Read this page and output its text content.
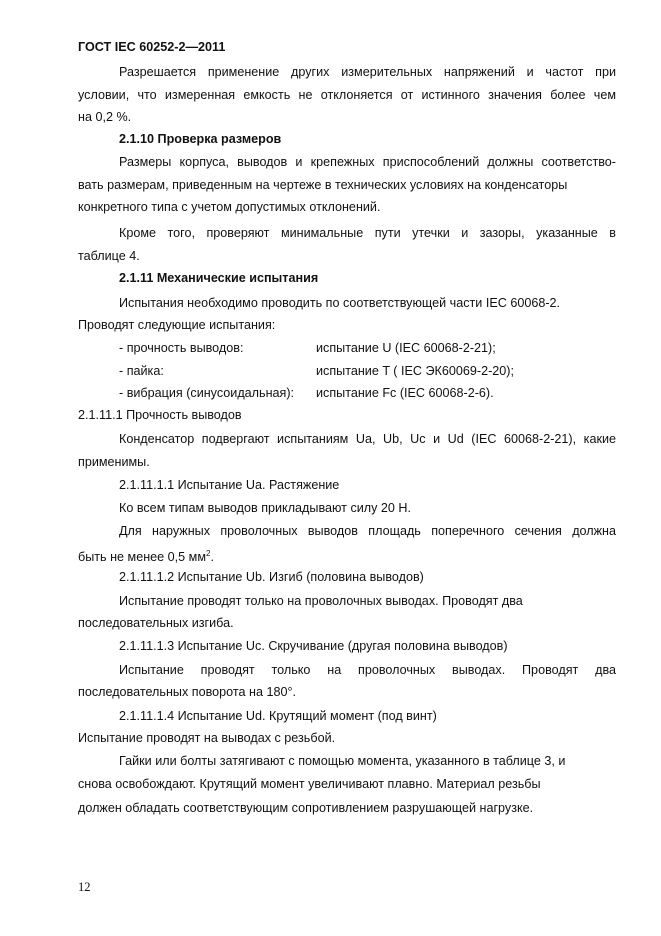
ГОСТ IEC 60252-2—2011
Разрешается применение других измерительных напряжений и частот при
условии, что измеренная емкость не отклоняется от истинного значения более чем
на 0,2 %.
2.1.10 Проверка размеров
Размеры корпуса, выводов и крепежных приспособлений должны соответство-
вать размерам, приведенным на чертеже в технических условиях на конденсаторы
конкретного типа с учетом допустимых отклонений.
Кроме того, проверяют минимальные пути утечки и зазоры, указанные в
таблице 4.
2.1.11 Механические испытания
Испытания необходимо проводить по соответствующей части IEC 60068-2.
Проводят следующие испытания:
- прочность выводов:	испытание U (IEC 60068-2-21);
- пайка:	испытание T ( IEC ЭК60069-2-20);
- вибрация (синусоидальная): испытание Fc (IEC 60068-2-6).
2.1.11.1 Прочность выводов
Конденсатор подвергают испытаниям Ua, Ub, Uc и Ud (IEC 60068-2-21), какие
применимы.
2.1.11.1.1 Испытание Ua. Растяжение
Ко всем типам выводов прикладывают силу 20 Н.
Для наружных проволочных выводов площадь поперечного сечения должна
быть не менее 0,5 $мм^2$.
2.1.11.1.2 Испытание Ub. Изгиб (половина выводов)
Испытание проводят только на проволочных выводах. Проводят два
последовательных изгиба.
2.1.11.1.3 Испытание Uc. Скручивание (другая половина выводов)
Испытание проводят только на проволочных выводах. Проводят два
последовательных поворота на 180°.
2.1.11.1.4 Испытание Ud. Крутящий момент (под винт)
Испытание проводят на выводах с резьбой.
Гайки или болты затягивают с помощью момента, указанного в таблице 3, и
снова освобождают. Крутящий момент увеличивают плавно. Материал резьбы
должен обладать соответствующим сопротивлением разрушающей нагрузке.
12
